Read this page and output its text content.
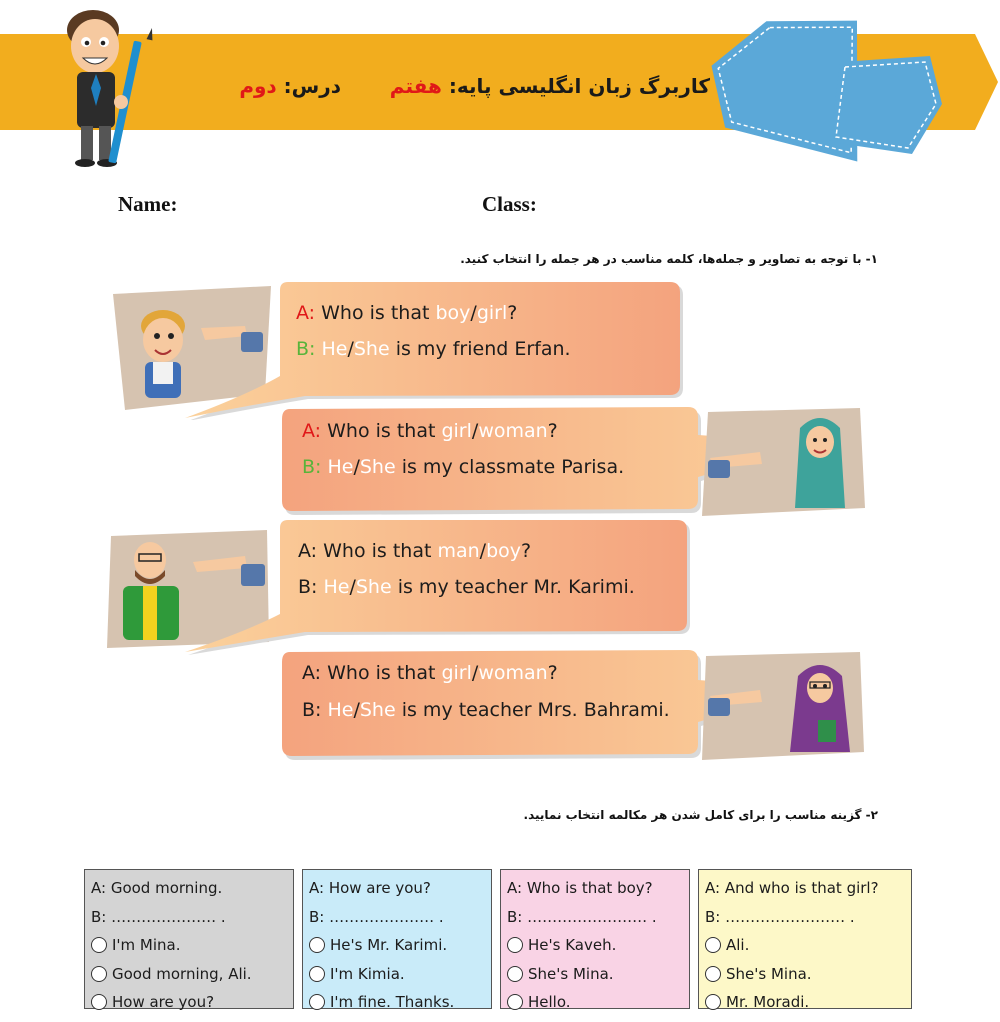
کاربرگ زبان انگلیسی پایه: هفتم       درس: دوم
Name:	Class:
۱- با توجه به تصاویر و جمله‌ها، کلمه مناسب در هر جمله را انتخاب کنید.
A: Who is that boy/girl?
B: He/She is my friend Erfan.
A: Who is that girl/woman?
B: He/She is my classmate Parisa.
A: Who is that man/boy?
B: He/She is my teacher Mr. Karimi.
A: Who is that girl/woman?
B: He/She is my teacher Mrs. Bahrami.
۲- گزینه مناسب را برای کامل شدن هر مکالمه انتخاب نمایید.
A: Good morning.
B: ………………… .
I'm Mina.
Good morning, Ali.
How are you?
A: How are you?
B: ………………… .
He's Mr. Karimi.
I'm Kimia.
I'm fine. Thanks.
A: Who is that boy?
B: …………………… .
He's Kaveh.
She's Mina.
Hello.
A: And who is that girl?
B: …………………… .
Ali.
She's Mina.
Mr. Moradi.
